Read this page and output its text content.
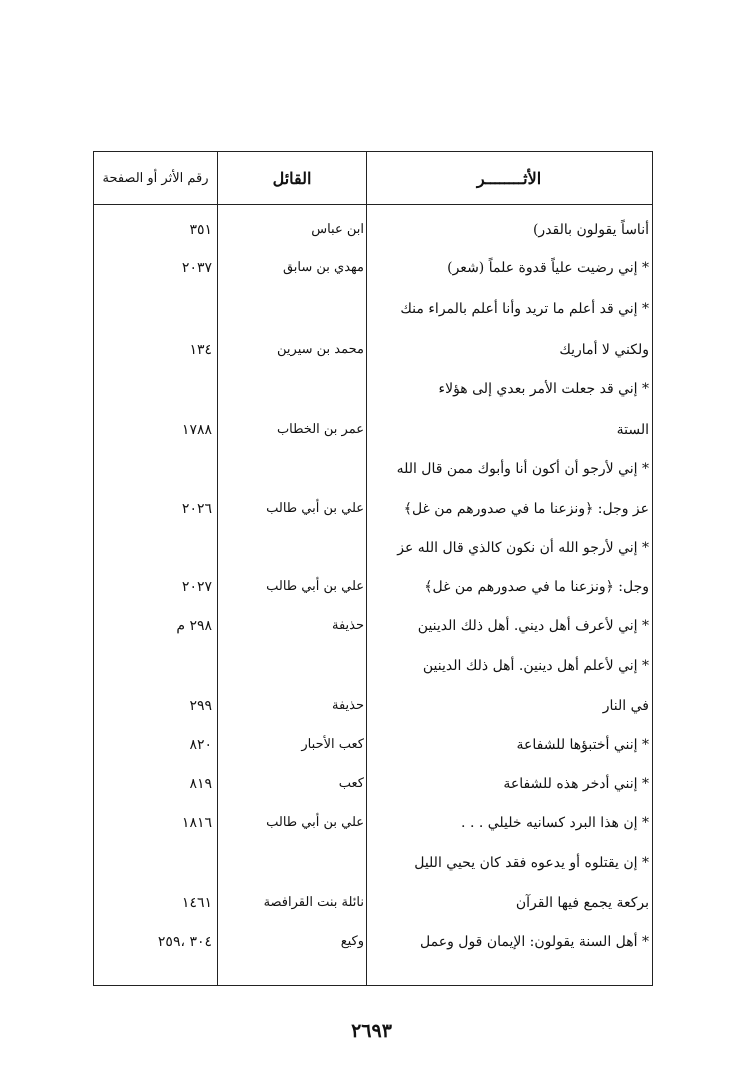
الأثــــــــر
القائل
رقم الأثر أو الصفحة
أناساً يقولون بالقدر)
ابن عباس
٣٥١
* إني رضيت علياً قدوة علماً (شعر)
مهدي بن سابق
٢٠٣٧
* إني قد أعلم ما تريد وأنا أعلم بالمراء منك
ولكني لا أماريك
محمد بن سيرين
١٣٤
* إني قد جعلت الأمر بعدي إلى هؤلاء
الستة
عمر بن الخطاب
١٧٨٨
* إني لأرجو أن أكون أنا وأبوك ممن قال الله
عز وجل: ﴿ونزعنا ما في صدورهم من غل﴾
علي بن أبي طالب
٢٠٢٦
* إني لأرجو الله أن نكون كالذي قال الله عز
وجل: ﴿ونزعنا ما في صدورهم من غل﴾
علي بن أبي طالب
٢٠٢٧
* إني لأعرف أهل ديني. أهل ذلك الدينين
حذيفة
٢٩٨ م
* إني لأعلم أهل دينين. أهل ذلك الدينين
في النار
حذيفة
٢٩٩
* إنني أختبؤها للشفاعة
كعب الأحبار
٨٢٠
* إنني أدخر هذه للشفاعة
كعب
٨١٩
* إن هذا البرد كسانيه خليلي . . .
علي بن أبي طالب
١٨١٦
* إن يقتلوه أو يدعوه فقد كان يحيي الليل
بركعة يجمع فيها القرآن
نائلة بنت القرافصة
١٤٦١
* أهل السنة يقولون: الإيمان قول وعمل
وكيع
٣٠٤ ،٢٥٩
٢٦٩٣
